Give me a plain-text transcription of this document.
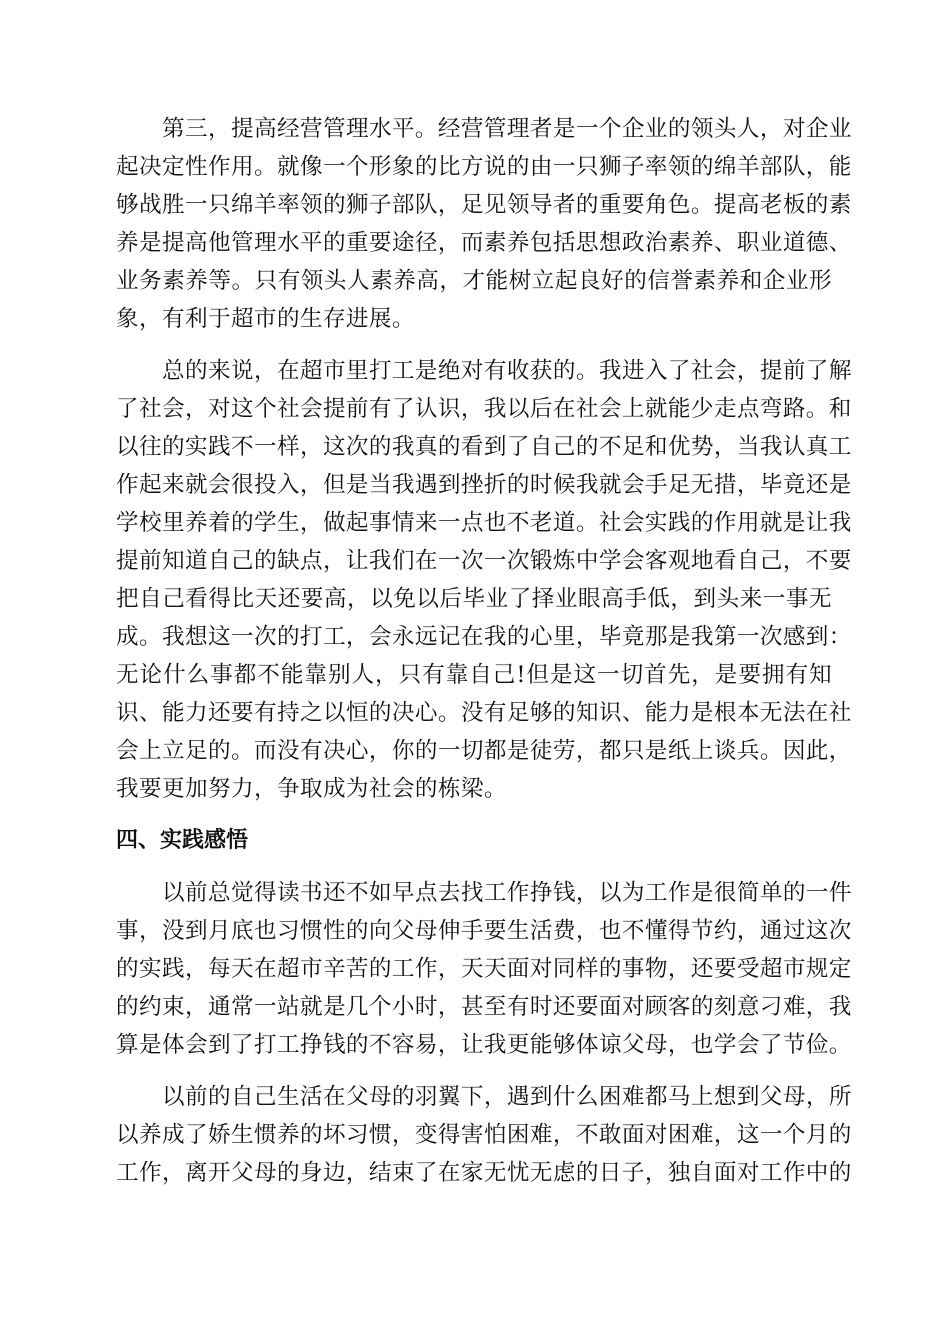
第三，提高经营管理水平。经营管理者是一个企业的领头人，对企业
起决定性作用。就像一个形象的比方说的由一只狮子率领的绵羊部队，能
够战胜一只绵羊率领的狮子部队，足见领导者的重要角色。提高老板的素
养是提高他管理水平的重要途径，而素养包括思想政治素养、职业道德、
业务素养等。只有领头人素养高，才能树立起良好的信誉素养和企业形
象，有利于超市的生存进展。
总的来说，在超市里打工是绝对有收获的。我进入了社会，提前了解
了社会，对这个社会提前有了认识，我以后在社会上就能少走点弯路。和
以往的实践不一样，这次的我真的看到了自己的不足和优势，当我认真工
作起来就会很投入，但是当我遇到挫折的时候我就会手足无措，毕竟还是
学校里养着的学生，做起事情来一点也不老道。社会实践的作用就是让我
提前知道自己的缺点，让我们在一次一次锻炼中学会客观地看自己，不要
把自己看得比天还要高，以免以后毕业了择业眼高手低，到头来一事无
成。我想这一次的打工，会永远记在我的心里，毕竟那是我第一次感到：
无论什么事都不能靠别人，只有靠自己!但是这一切首先，是要拥有知
识、能力还要有持之以恒的决心。没有足够的知识、能力是根本无法在社
会上立足的。而没有决心，你的一切都是徒劳，都只是纸上谈兵。因此，
我要更加努力，争取成为社会的栋梁。
四、实践感悟
以前总觉得读书还不如早点去找工作挣钱，以为工作是很简单的一件
事，没到月底也习惯性的向父母伸手要生活费，也不懂得节约，通过这次
的实践，每天在超市辛苦的工作，天天面对同样的事物，还要受超市规定
的约束，通常一站就是几个小时，甚至有时还要面对顾客的刻意刁难，我
算是体会到了打工挣钱的不容易，让我更能够体谅父母，也学会了节俭。
以前的自己生活在父母的羽翼下，遇到什么困难都马上想到父母，所
以养成了娇生惯养的坏习惯，变得害怕困难，不敢面对困难，这一个月的
工作，离开父母的身边，结束了在家无忧无虑的日子，独自面对工作中的
